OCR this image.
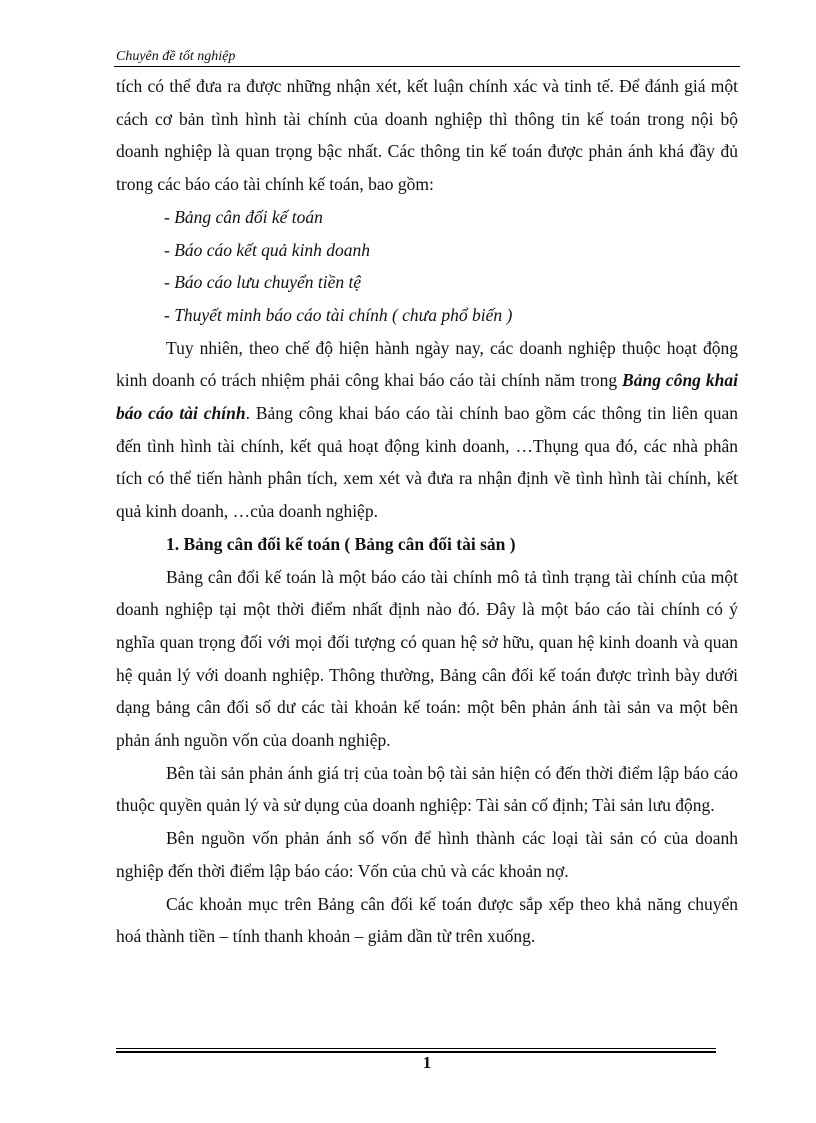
Chuyên đề tốt nghiệp

tích có thể đưa ra được những nhận xét, kết luận chính xác và tinh tế. Để đánh giá một cách cơ bản tình hình tài chính của doanh nghiệp thì thông tin kế toán trong nội bộ doanh nghiệp là quan trọng bậc nhất. Các thông tin kế toán được phản ánh khá đầy đủ trong các báo cáo tài chính kế toán, bao gồm:

- Bảng cân đối kế toán

- Báo cáo kết quả kinh doanh

- Báo cáo lưu chuyển tiền tệ

- Thuyết minh báo cáo tài chính ( chưa phổ biến )

Tuy nhiên, theo chế độ hiện hành ngày nay, các doanh nghiệp thuộc hoạt động kinh doanh có trách nhiệm phải công khai báo cáo tài chính năm trong Bảng công khai báo cáo tài chính. Bảng công khai báo cáo tài chính bao gồm các thông tin liên quan đến tình hình tài chính, kết quả hoạt động kinh doanh, …Thụng qua đó, các nhà phân tích có thể tiến hành phân tích, xem xét và đưa ra nhận định về tình hình tài chính, kết quả kinh doanh, …của doanh nghiệp.

1. Bảng cân đối kế toán ( Bảng cân đối tài sản )

Bảng cân đối kế toán là một báo cáo tài chính mô tả tình trạng tài chính của một doanh nghiệp tại một thời điểm nhất định nào đó. Đây là một báo cáo tài chính có ý nghĩa quan trọng đối với mọi đối tượng có quan hệ sở hữu, quan hệ kinh doanh và quan hệ quản lý với doanh nghiệp. Thông thường, Bảng cân đối kế toán được trình bày dưới dạng bảng cân đối số dư các tài khoản kế toán: một bên phản ánh tài sản va một bên phản ánh nguồn vốn của doanh nghiệp.

Bên tài sản phản ánh giá trị của toàn bộ tài sản hiện có đến thời điểm lập báo cáo thuộc quyền quản lý và sử dụng của doanh nghiệp: Tài sản cố định; Tài sản lưu động.

Bên nguồn vốn phản ánh số vốn để hình thành các loại tài sản có của doanh nghiệp đến thời điểm lập báo cáo: Vốn của chủ và các khoản nợ.

Các khoản mục trên Bảng cân đối kế toán được sắp xếp theo khả năng chuyển hoá thành tiền – tính thanh khoản – giảm dần từ trên xuống.

1
